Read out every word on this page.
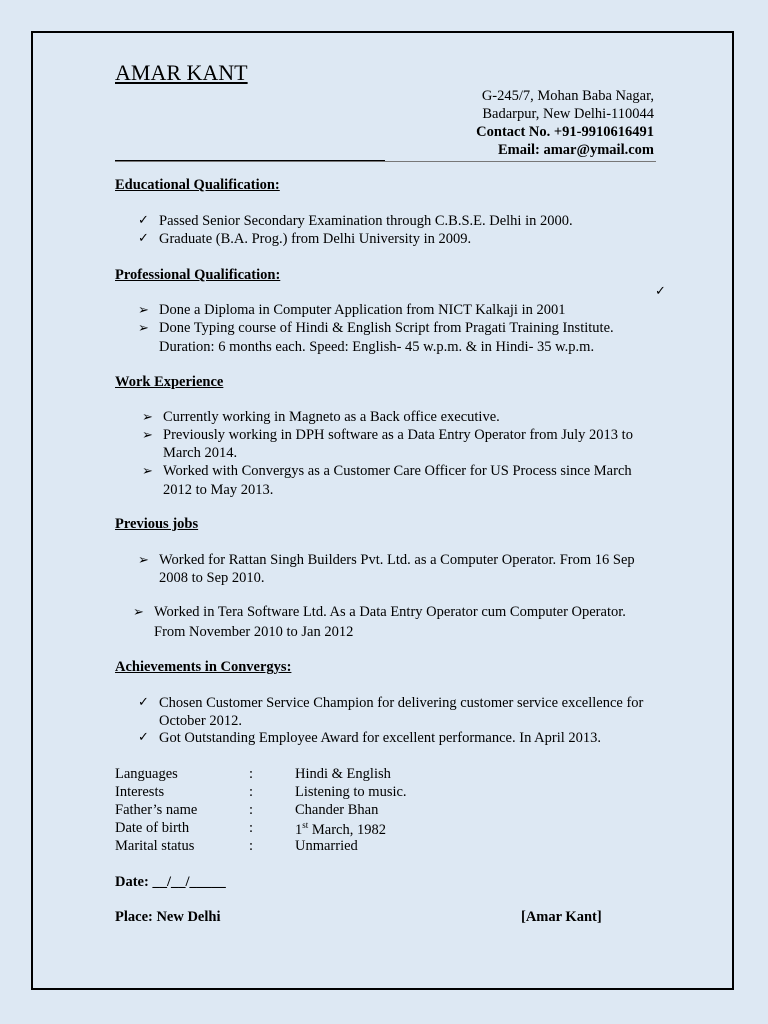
AMAR KANT
G-245/7, Mohan Baba Nagar,
Badarpur, New Delhi-110044
Contact No. +91-9910616491
Email: amar@ymail.com
Educational Qualification:
✓ Passed Senior Secondary Examination through C.B.S.E. Delhi in 2000.
✓ Graduate (B.A. Prog.) from Delhi University in 2009.
Professional Qualification:
✓
➢ Done a Diploma in Computer Application from NICT Kalkaji in 2001
➢ Done Typing course of Hindi & English Script from Pragati Training Institute.
Duration: 6 months each. Speed: English- 45 w.p.m. & in Hindi- 35 w.p.m.
Work Experience
➢ Currently working in Magneto as a Back office executive.
➢ Previously working in DPH software as a Data Entry Operator from July 2013 to
March 2014.
➢ Worked with Convergys as a Customer Care Officer for US Process since March
2012 to May 2013.
Previous jobs
➢ Worked for Rattan Singh Builders Pvt. Ltd. as a Computer Operator. From 16 Sep
2008 to Sep 2010.
➢ Worked in Tera Software Ltd. As a Data Entry Operator cum Computer Operator.
From November 2010 to Jan 2012
Achievements in Convergys:
✓ Chosen Customer Service Champion for delivering customer service excellence for
October 2012.
✓ Got Outstanding Employee Award for excellent performance. In April 2013.
Languages	:	Hindi & English
Interests	:	Listening to music.
Father’s name	:	Chander Bhan
Date of birth	:	1st March, 1982
Marital status	:	Unmarried
Date: __/__/_____
Place: New Delhi	[Amar Kant]
